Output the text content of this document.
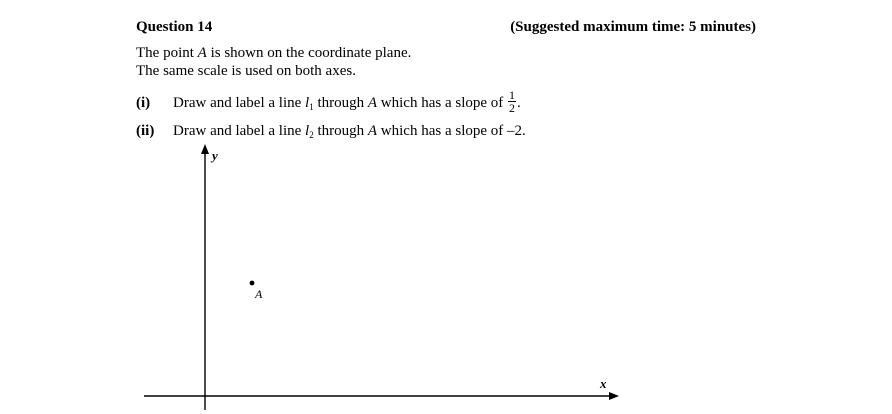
Question 14	(Suggested maximum time: 5 minutes)
The point A is shown on the coordinate plane.
The same scale is used on both axes.
(i) Draw and label a line $l_1$ through A which has a slope of $\frac{1}{2}$ .
(ii) Draw and label a line $l_2$ through A which has a slope of –2.
y
x
A
